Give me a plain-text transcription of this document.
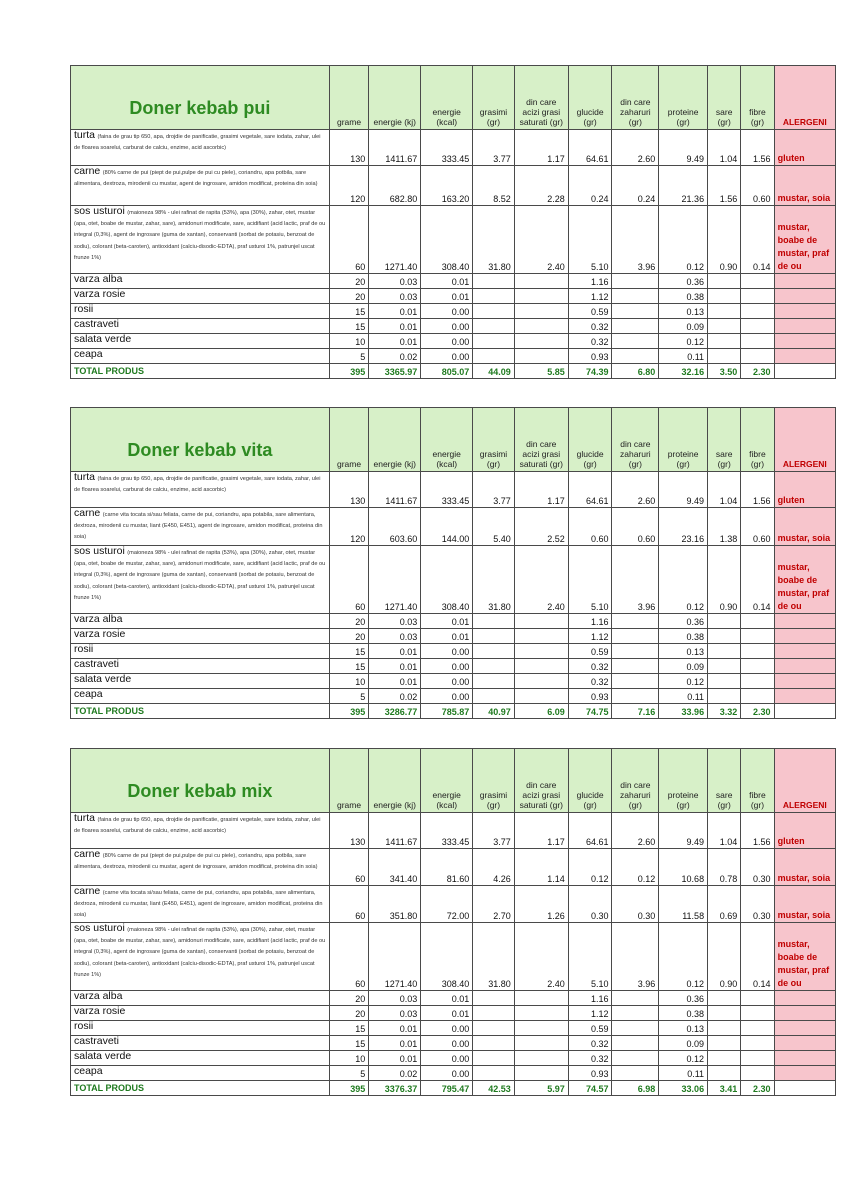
Doner kebab pui	grame	energie (kj)	energie (kcal)	grasimi (gr)	din care acizi grasi saturati (gr)	glucide (gr)	din care zaharuri (gr)	proteine (gr)	sare (gr)	fibre (gr)	ALERGENI
turta (faina de grau tip 650, apa, drojdie de panificatie, grasimi vegetale, sare iodata, zahar, ulei de floarea soarelui, carburat de calciu, enzime, acid ascorbic)	130	1411.67	333.45	3.77	1.17	64.61	2.60	9.49	1.04	1.56	gluten
carne (80% carne de pui (piept de pui,pulpe de pui cu piele), coriandru, apa potbila, sare alimentara, dextroza, mirodenii cu mustar, agent de ingrosare, amidon modificat, proteina din soia)	120	682.80	163.20	8.52	2.28	0.24	0.24	21.36	1.56	0.60	mustar, soia
sos usturoi (maioneza 98% - ulei rafinat de rapita (53%), apa (30%), zahar, otet, mustar (apa, otet, boabe de mustar, zahar, sare), amidonuri modificate, sare, acidifiant (acid lactic, praf de ou integral (0,3%), agent de ingrosare (guma de xantan), conservanti (sorbat de potasiu, benzoat de sodiu), colorant (beta-caroten), antioxidant (calciu-disodic-EDTA), praf usturoi 1%, patrunjel uscat frunze 1%)	60	1271.40	308.40	31.80	2.40	5.10	3.96	0.12	0.90	0.14	mustar, boabe de mustar, praf de ou
varza alba	20	0.03	0.01			1.16		0.36			
varza rosie	20	0.03	0.01			1.12		0.38			
rosii	15	0.01	0.00			0.59		0.13			
castraveti	15	0.01	0.00			0.32		0.09			
salata verde	10	0.01	0.00			0.32		0.12			
ceapa	5	0.02	0.00			0.93		0.11			
TOTAL PRODUS	395	3365.97	805.07	44.09	5.85	74.39	6.80	32.16	3.50	2.30	
Doner kebab vita	grame	energie (kj)	energie (kcal)	grasimi (gr)	din care acizi grasi saturati (gr)	glucide (gr)	din care zaharuri (gr)	proteine (gr)	sare (gr)	fibre (gr)	ALERGENI
turta (faina de grau tip 650, apa, drojdie de panificatie, grasimi vegetale, sare iodata, zahar, ulei de floarea soarelui, carburat de calciu, enzime, acid ascorbic)	130	1411.67	333.45	3.77	1.17	64.61	2.60	9.49	1.04	1.56	gluten
carne (carne vita tocata si/sau feliata, carne de pui, coriandru, apa potabila, sare alimentara, dextroza, mirodenii cu mustar, liant (E450, E451), agent de ingrosare, amidon modificat, proteina din soia)	120	603.60	144.00	5.40	2.52	0.60	0.60	23.16	1.38	0.60	mustar, soia
sos usturoi (maioneza 98% - ulei rafinat de rapita (53%), apa (30%), zahar, otet, mustar (apa, otet, boabe de mustar, zahar, sare), amidonuri modificate, sare, acidifiant (acid lactic, praf de ou integral (0,3%), agent de ingrosare (guma de xantan), conservanti (sorbat de potasiu, benzoat de sodiu), colorant (beta-caroten), antioxidant (calciu-disodic-EDTA), praf usturoi 1%, patrunjel uscat frunze 1%)	60	1271.40	308.40	31.80	2.40	5.10	3.96	0.12	0.90	0.14	mustar, boabe de mustar, praf de ou
varza alba	20	0.03	0.01			1.16		0.36			
varza rosie	20	0.03	0.01			1.12		0.38			
rosii	15	0.01	0.00			0.59		0.13			
castraveti	15	0.01	0.00			0.32		0.09			
salata verde	10	0.01	0.00			0.32		0.12			
ceapa	5	0.02	0.00			0.93		0.11			
TOTAL PRODUS	395	3286.77	785.87	40.97	6.09	74.75	7.16	33.96	3.32	2.30	
Doner kebab mix	grame	energie (kj)	energie (kcal)	grasimi (gr)	din care acizi grasi saturati (gr)	glucide (gr)	din care zaharuri (gr)	proteine (gr)	sare (gr)	fibre (gr)	ALERGENI
turta (faina de grau tip 650, apa, drojdie de panificatie, grasimi vegetale, sare iodata, zahar, ulei de floarea soarelui, carburat de calciu, enzime, acid ascorbic)	130	1411.67	333.45	3.77	1.17	64.61	2.60	9.49	1.04	1.56	gluten
carne (80% carne de pui (piept de pui,pulpe de pui cu piele), coriandru, apa potbila, sare alimentara, dextroza, mirodenii cu mustar, agent de ingrosare, amidon modificat, proteina din soia)	60	341.40	81.60	4.26	1.14	0.12	0.12	10.68	0.78	0.30	mustar, soia
carne (carne vita tocata si/sau feliata, carne de pui, coriandru, apa potabila, sare alimentara, dextroza, mirodenii cu mustar, liant (E450, E451), agent de ingrosare, amidon modificat, proteina din soia)	60	351.80	72.00	2.70	1.26	0.30	0.30	11.58	0.69	0.30	mustar, soia
sos usturoi (maioneza 98% - ulei rafinat de rapita (53%), apa (30%), zahar, otet, mustar (apa, otet, boabe de mustar, zahar, sare), amidonuri modificate, sare, acidifiant (acid lactic, praf de ou integral (0,3%), agent de ingrosare (guma de xantan), conservanti (sorbat de potasiu, benzoat de sodiu), colorant (beta-caroten), antioxidant (calciu-disodic-EDTA), praf usturoi 1%, patrunjel uscat frunze 1%)	60	1271.40	308.40	31.80	2.40	5.10	3.96	0.12	0.90	0.14	mustar, boabe de mustar, praf de ou
varza alba	20	0.03	0.01			1.16		0.36			
varza rosie	20	0.03	0.01			1.12		0.38			
rosii	15	0.01	0.00			0.59		0.13			
castraveti	15	0.01	0.00			0.32		0.09			
salata verde	10	0.01	0.00			0.32		0.12			
ceapa	5	0.02	0.00			0.93		0.11			
TOTAL PRODUS	395	3376.37	795.47	42.53	5.97	74.57	6.98	33.06	3.41	2.30	
